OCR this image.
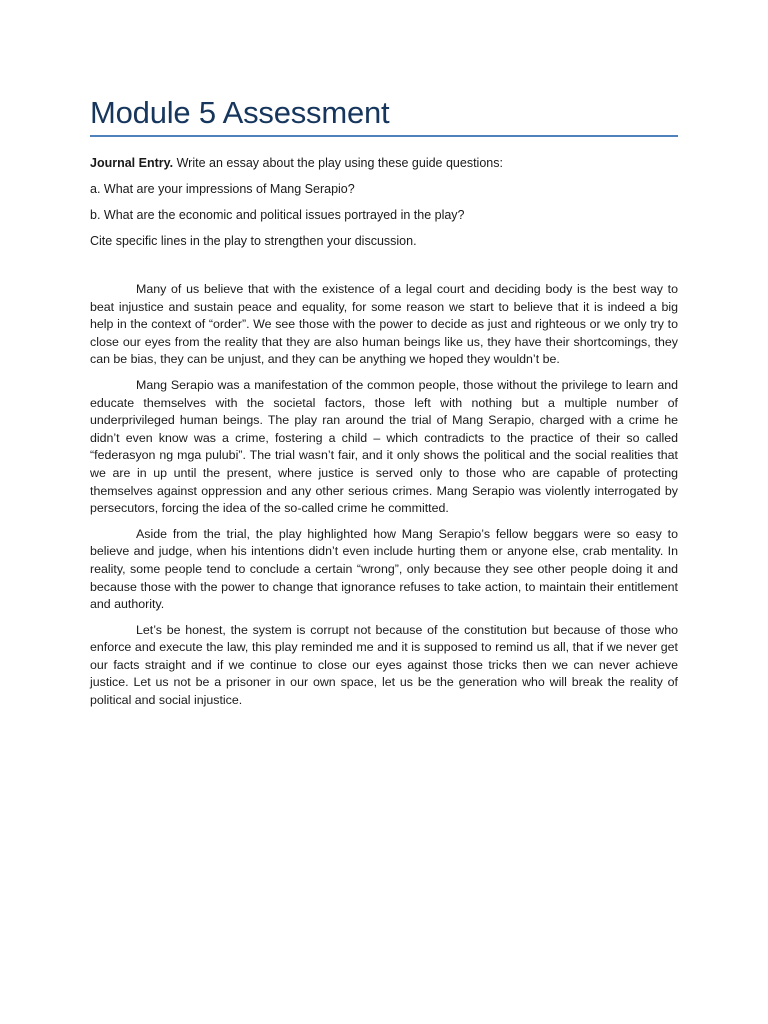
Module 5 Assessment

Journal Entry. Write an essay about the play using these guide questions:

a. What are your impressions of Mang Serapio?

b. What are the economic and political issues portrayed in the play?

Cite specific lines in the play to strengthen your discussion.

Many of us believe that with the existence of a legal court and deciding body is the best way to beat injustice and sustain peace and equality, for some reason we start to believe that it is indeed a big help in the context of “order”. We see those with the power to decide as just and righteous or we only try to close our eyes from the reality that they are also human beings like us, they have their shortcomings, they can be bias, they can be unjust, and they can be anything we hoped they wouldn’t be.

Mang Serapio was a manifestation of the common people, those without the privilege to learn and educate themselves with the societal factors, those left with nothing but a multiple number of underprivileged human beings. The play ran around the trial of Mang Serapio, charged with a crime he didn’t even know was a crime, fostering a child – which contradicts to the practice of their so called “federasyon ng mga pulubi”. The trial wasn’t fair, and it only shows the political and the social realities that we are in up until the present, where justice is served only to those who are capable of protecting themselves against oppression and any other serious crimes. Mang Serapio was violently interrogated by persecutors, forcing the idea of the so-called crime he committed.

Aside from the trial, the play highlighted how Mang Serapio’s fellow beggars were so easy to believe and judge, when his intentions didn’t even include hurting them or anyone else, crab mentality. In reality, some people tend to conclude a certain “wrong”, only because they see other people doing it and because those with the power to change that ignorance refuses to take action, to maintain their entitlement and authority.

Let’s be honest, the system is corrupt not because of the constitution but because of those who enforce and execute the law, this play reminded me and it is supposed to remind us all, that if we never get our facts straight and if we continue to close our eyes against those tricks then we can never achieve justice. Let us not be a prisoner in our own space, let us be the generation who will break the reality of political and social injustice.
